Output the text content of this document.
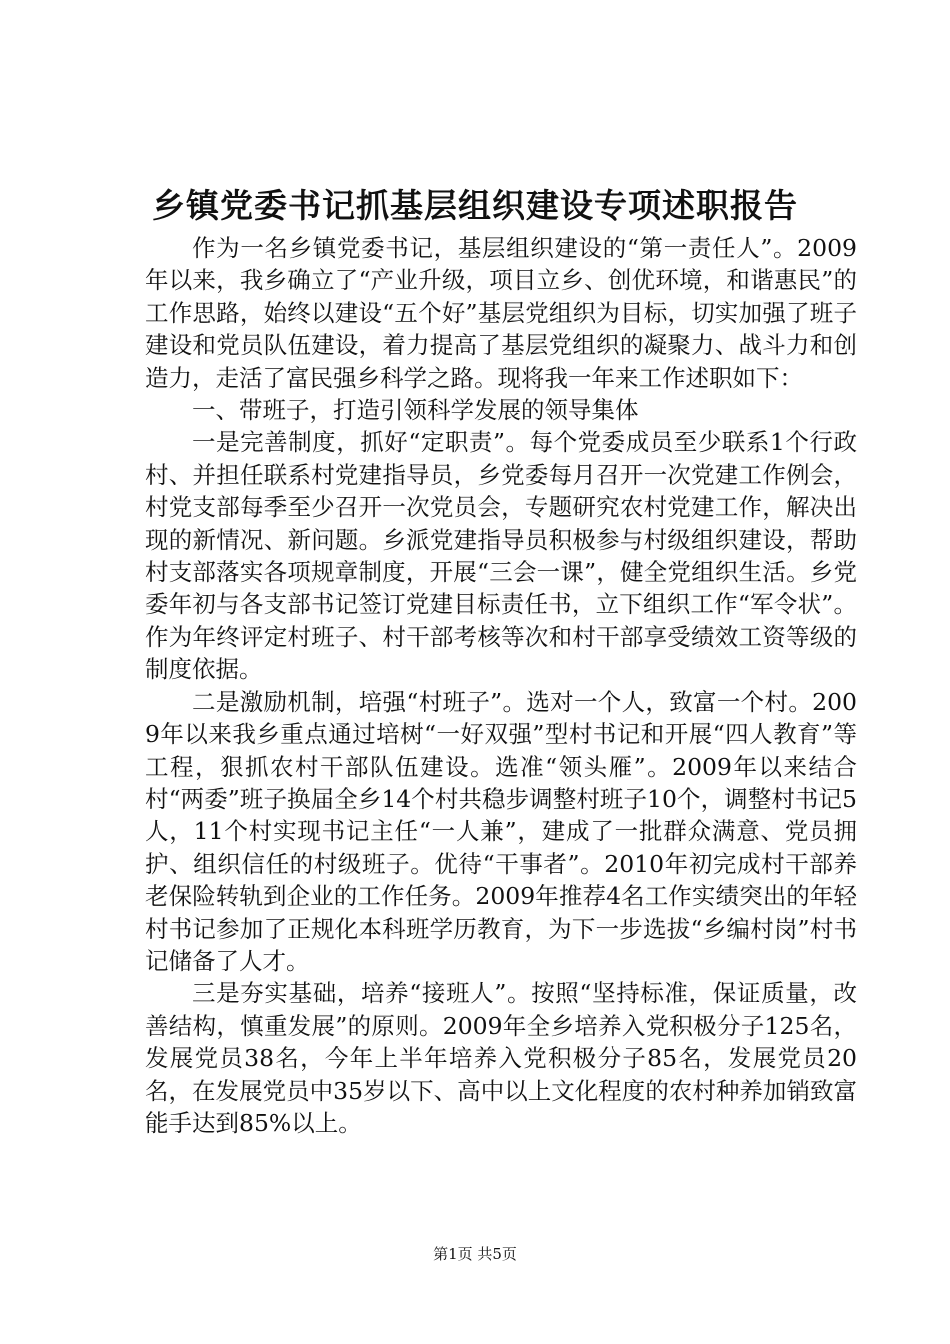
乡镇党委书记抓基层组织建设专项述职报告

作为一名乡镇党委书记，基层组织建设的“第一责任人”。2009年以来，我乡确立了“产业升级，项目立乡、创优环境，和谐惠民”的工作思路，始终以建设“五个好”基层党组织为目标，切实加强了班子建设和党员队伍建设，着力提高了基层党组织的凝聚力、战斗力和创造力，走活了富民强乡科学之路。现将我一年来工作述职如下：

一、带班子，打造引领科学发展的领导集体

一是完善制度，抓好“定职责”。每个党委成员至少联系1个行政村、并担任联系村党建指导员，乡党委每月召开一次党建工作例会，村党支部每季至少召开一次党员会，专题研究农村党建工作，解决出现的新情况、新问题。乡派党建指导员积极参与村级组织建设，帮助村支部落实各项规章制度，开展“三会一课”，健全党组织生活。乡党委年初与各支部书记签订党建目标责任书，立下组织工作“军令状”。作为年终评定村班子、村干部考核等次和村干部享受绩效工资等级的制度依据。

二是激励机制，培强“村班子”。选对一个人，致富一个村。2009年以来我乡重点通过培树“一好双强”型村书记和开展“四人教育”等工程，狠抓农村干部队伍建设。选准“领头雁”。2009年以来结合村“两委”班子换届全乡14个村共稳步调整村班子10个，调整村书记5人，11个村实现书记主任“一人兼”，建成了一批群众满意、党员拥护、组织信任的村级班子。优待“干事者”。2010年初完成村干部养老保险转轨到企业的工作任务。2009年推荐4名工作实绩突出的年轻村书记参加了正规化本科班学历教育，为下一步选拔“乡编村岗”村书记储备了人才。

三是夯实基础，培养“接班人”。按照“坚持标准，保证质量，改善结构，慎重发展”的原则。2009年全乡培养入党积极分子125名，发展党员38名，今年上半年培养入党积极分子85名，发展党员20名，在发展党员中35岁以下、高中以上文化程度的农村种养加销致富能手达到85%以上。

第1页 共5页
